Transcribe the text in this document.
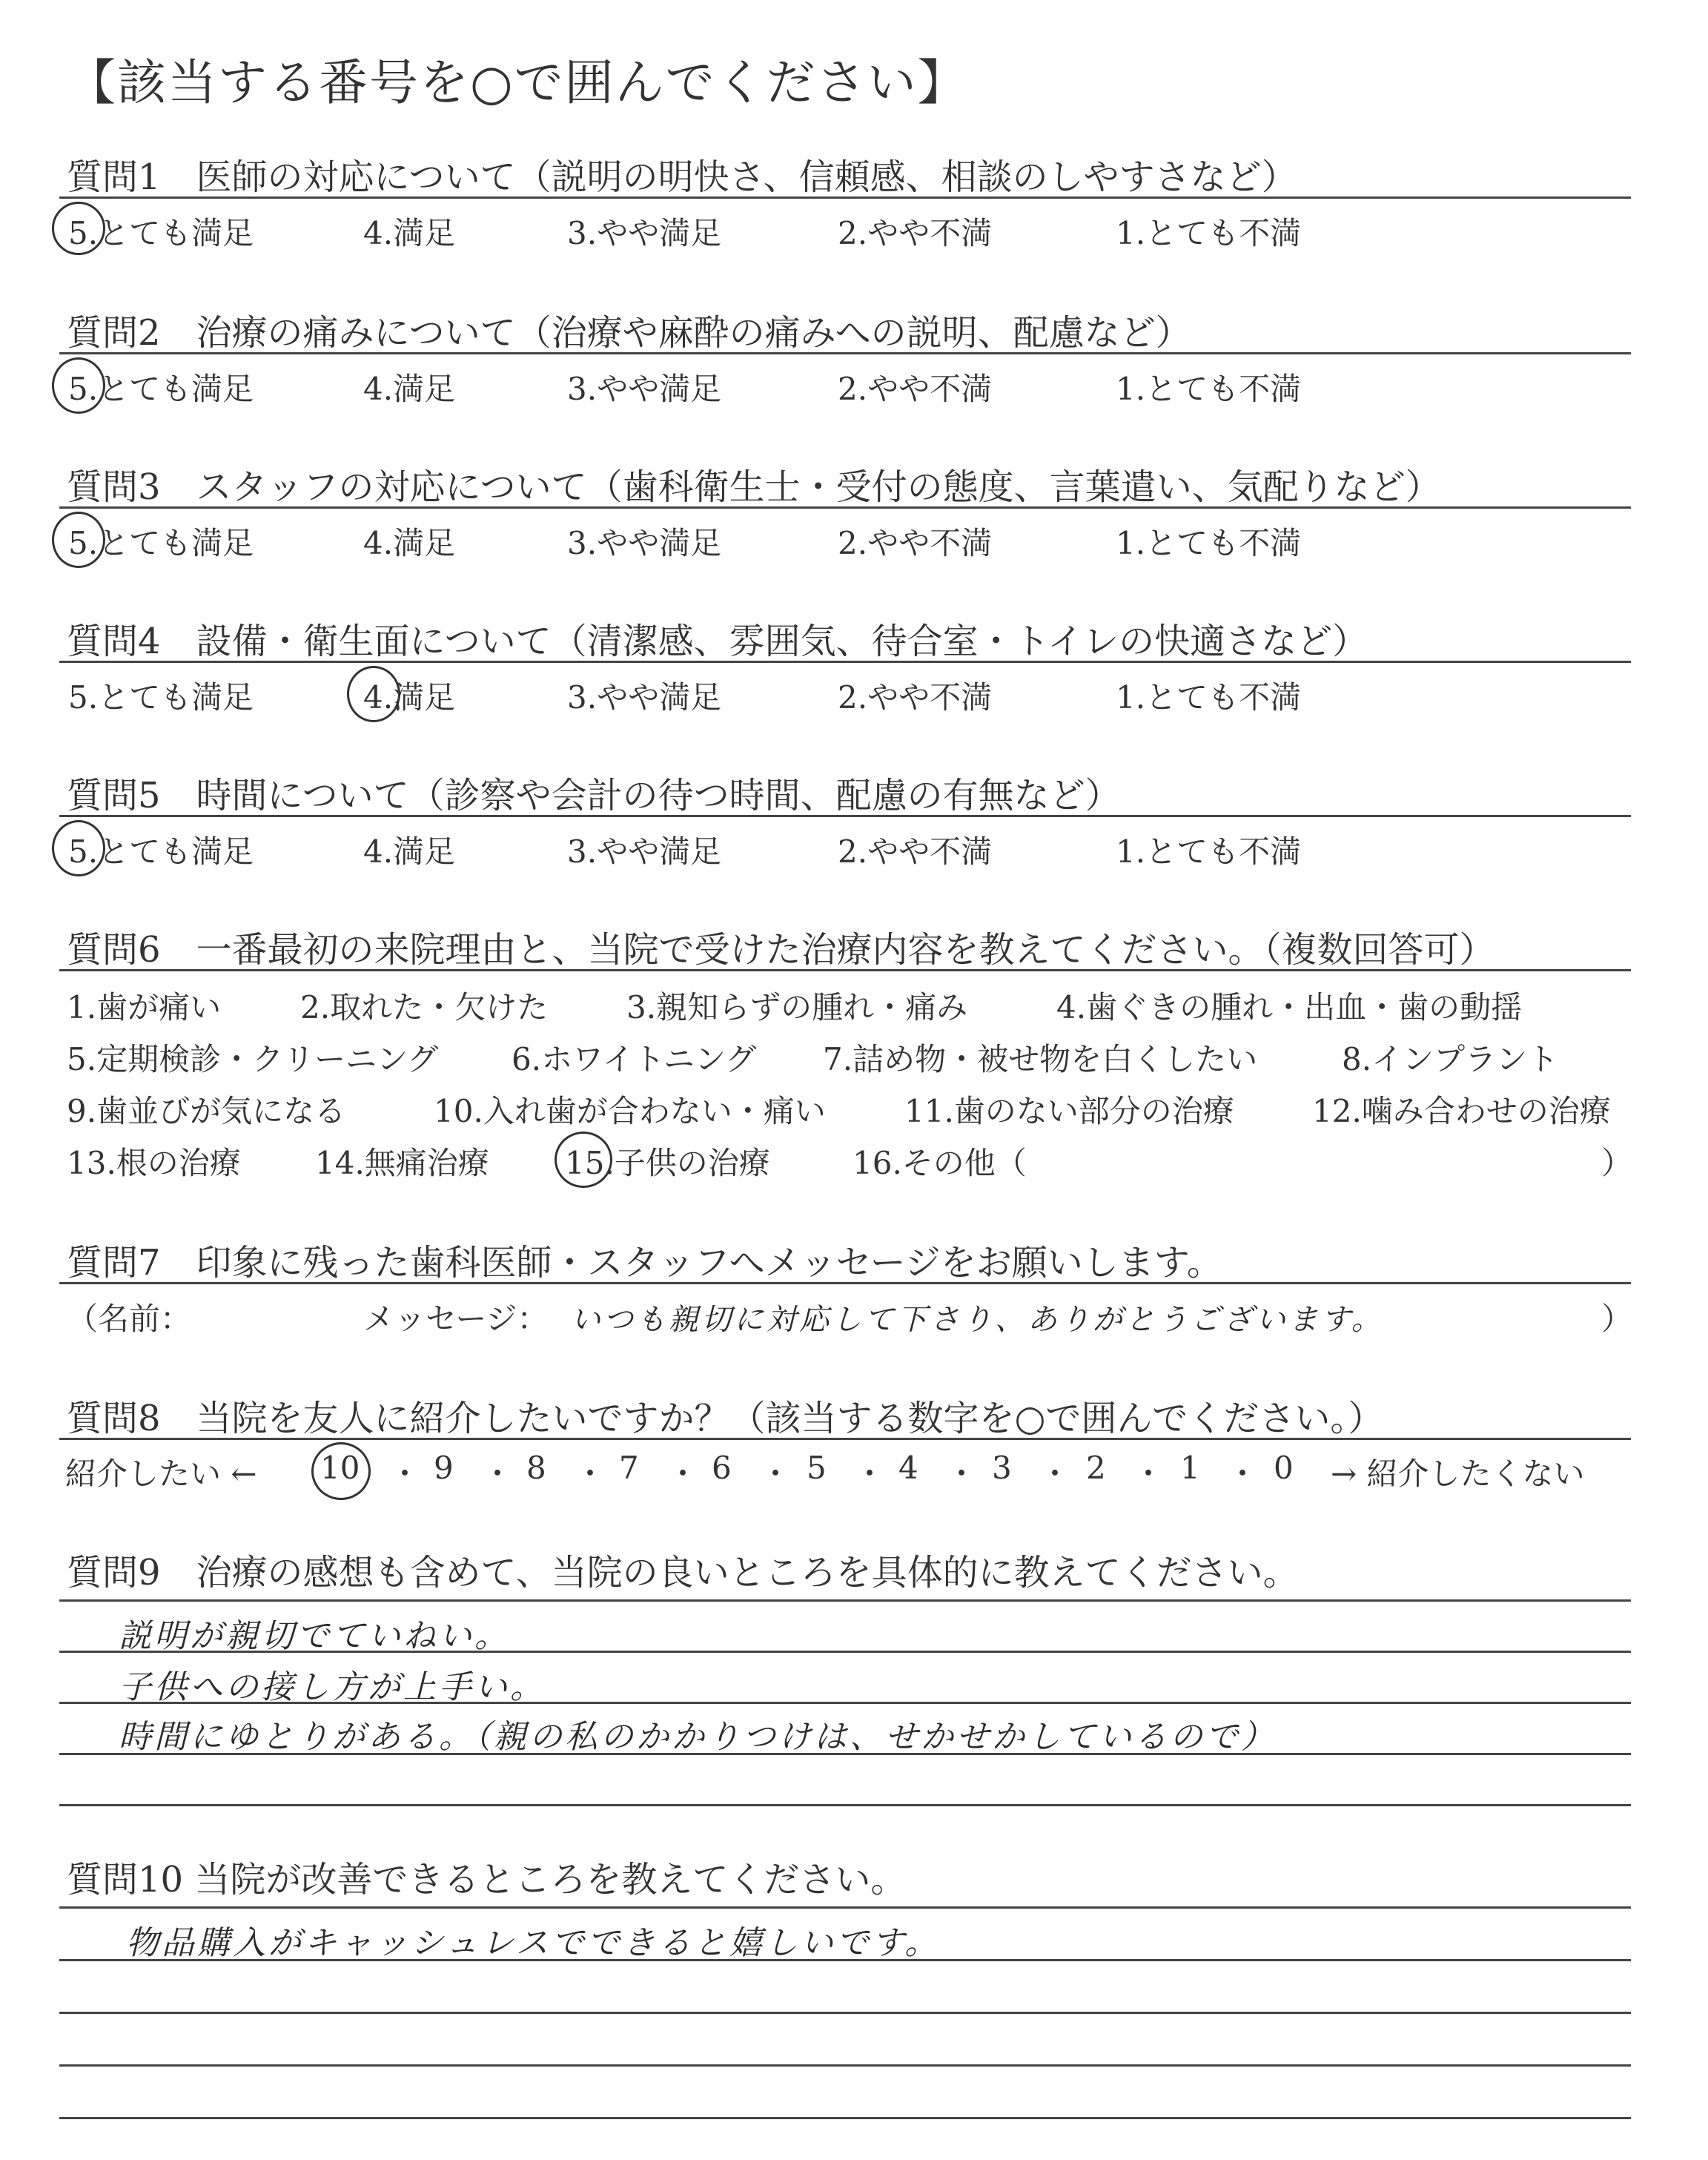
【該当する番号を○で囲んでください】
質問1　医師の対応について（説明の明快さ、信頼感、相談のしやすさなど）
5.とても満足	4.満足	3.やや満足	2.やや不満	1.とても不満
質問2　治療の痛みについて（治療や麻酔の痛みへの説明、配慮など）
5.とても満足	4.満足	3.やや満足	2.やや不満	1.とても不満
質問3　スタッフの対応について（歯科衛生士・受付の態度、言葉遣い、気配りなど）
5.とても満足	4.満足	3.やや満足	2.やや不満	1.とても不満
質問4　設備・衛生面について（清潔感、雰囲気、待合室・トイレの快適さなど）
5.とても満足	4.満足	3.やや満足	2.やや不満	1.とても不満
質問5　時間について（診察や会計の待つ時間、配慮の有無など）
5.とても満足	4.満足	3.やや満足	2.やや不満	1.とても不満
質問6　一番最初の来院理由と、当院で受けた治療内容を教えてください。（複数回答可）
1.歯が痛い	2.取れた・欠けた	3.親知らずの腫れ・痛み	4.歯ぐきの腫れ・出血・歯の動揺
5.定期検診・クリーニング 6.ホワイトニング 7.詰め物・被せ物を白くしたい	8.インプラント
9.歯並びが気になる	10.入れ歯が合わない・痛い	11.歯のない部分の治療	12.噛み合わせの治療
13.根の治療 14.無痛治療 15.子供の治療	16.その他（	）
質問7　印象に残った歯科医師・スタッフへメッセージをお願いします。
（名前：	メッセージ： いつも親切に対応して下さり、ありがとうございます。	）
質問8　当院を友人に紹介したいですか？（該当する数字を○で囲んでください。）
紹介したい ← 10 ・ 9 ・ 8 ・ 7 ・ 6 ・ 5 ・ 4 ・ 3 ・ 2 ・ 1 ・ 0 → 紹介したくない
質問9　治療の感想も含めて、当院の良いところを具体的に教えてください。
説明が親切でていねい。
子供への接し方が上手い。
時間にゆとりがある。（親の私のかかりつけは、せかせかしているので）
質問10 当院が改善できるところを教えてください。
物品購入がキャッシュレスでできると嬉しいです。
